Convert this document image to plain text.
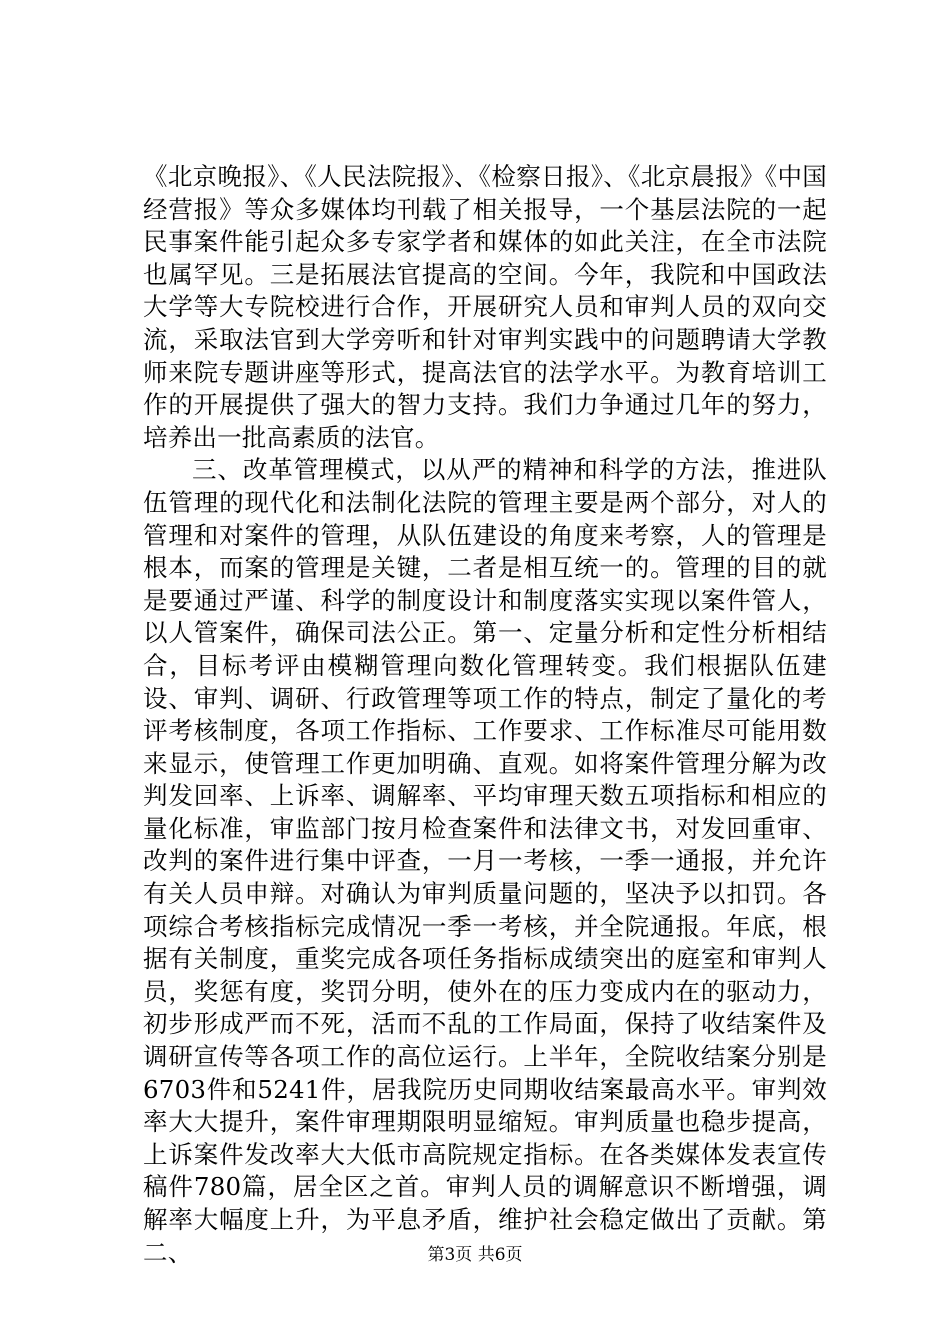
《北京晚报》、《人民法院报》、《检察日报》、《北京晨报》《中国经营报》等众多媒体均刊载了相关报导，一个基层法院的一起民事案件能引起众多专家学者和媒体的如此关注，在全市法院也属罕见。三是拓展法官提高的空间。今年，我院和中国政法大学等大专院校进行合作，开展研究人员和审判人员的双向交流，采取法官到大学旁听和针对审判实践中的问题聘请大学教师来院专题讲座等形式，提高法官的法学水平。为教育培训工作的开展提供了强大的智力支持。我们力争通过几年的努力，培养出一批高素质的法官。

三、改革管理模式，以从严的精神和科学的方法，推进队伍管理的现代化和法制化法院的管理主要是两个部分，对人的管理和对案件的管理，从队伍建设的角度来考察，人的管理是根本，而案的管理是关键，二者是相互统一的。管理的目的就是要通过严谨、科学的制度设计和制度落实实现以案件管人，以人管案件，确保司法公正。第一、定量分析和定性分析相结合，目标考评由模糊管理向数化管理转变。我们根据队伍建设、审判、调研、行政管理等项工作的特点，制定了量化的考评考核制度，各项工作指标、工作要求、工作标准尽可能用数来显示，使管理工作更加明确、直观。如将案件管理分解为改判发回率、上诉率、调解率、平均审理天数五项指标和相应的量化标准，审监部门按月检查案件和法律文书，对发回重审、改判的案件进行集中评查，一月一考核，一季一通报，并允许有关人员申辩。对确认为审判质量问题的，坚决予以扣罚。各项综合考核指标完成情况一季一考核，并全院通报。年底，根据有关制度，重奖完成各项任务指标成绩突出的庭室和审判人员，奖惩有度，奖罚分明，使外在的压力变成内在的驱动力，初步形成严而不死，活而不乱的工作局面，保持了收结案件及调研宣传等各项工作的高位运行。上半年，全院收结案分别是6703件和5241件，居我院历史同期收结案最高水平。审判效率大大提升，案件审理期限明显缩短。审判质量也稳步提高，上诉案件发改率大大低市高院规定指标。在各类媒体发表宣传稿件780篇，居全区之首。审判人员的调解意识不断增强，调解率大幅度上升，为平息矛盾，维护社会稳定做出了贡献。第二、	第3页 共6页
